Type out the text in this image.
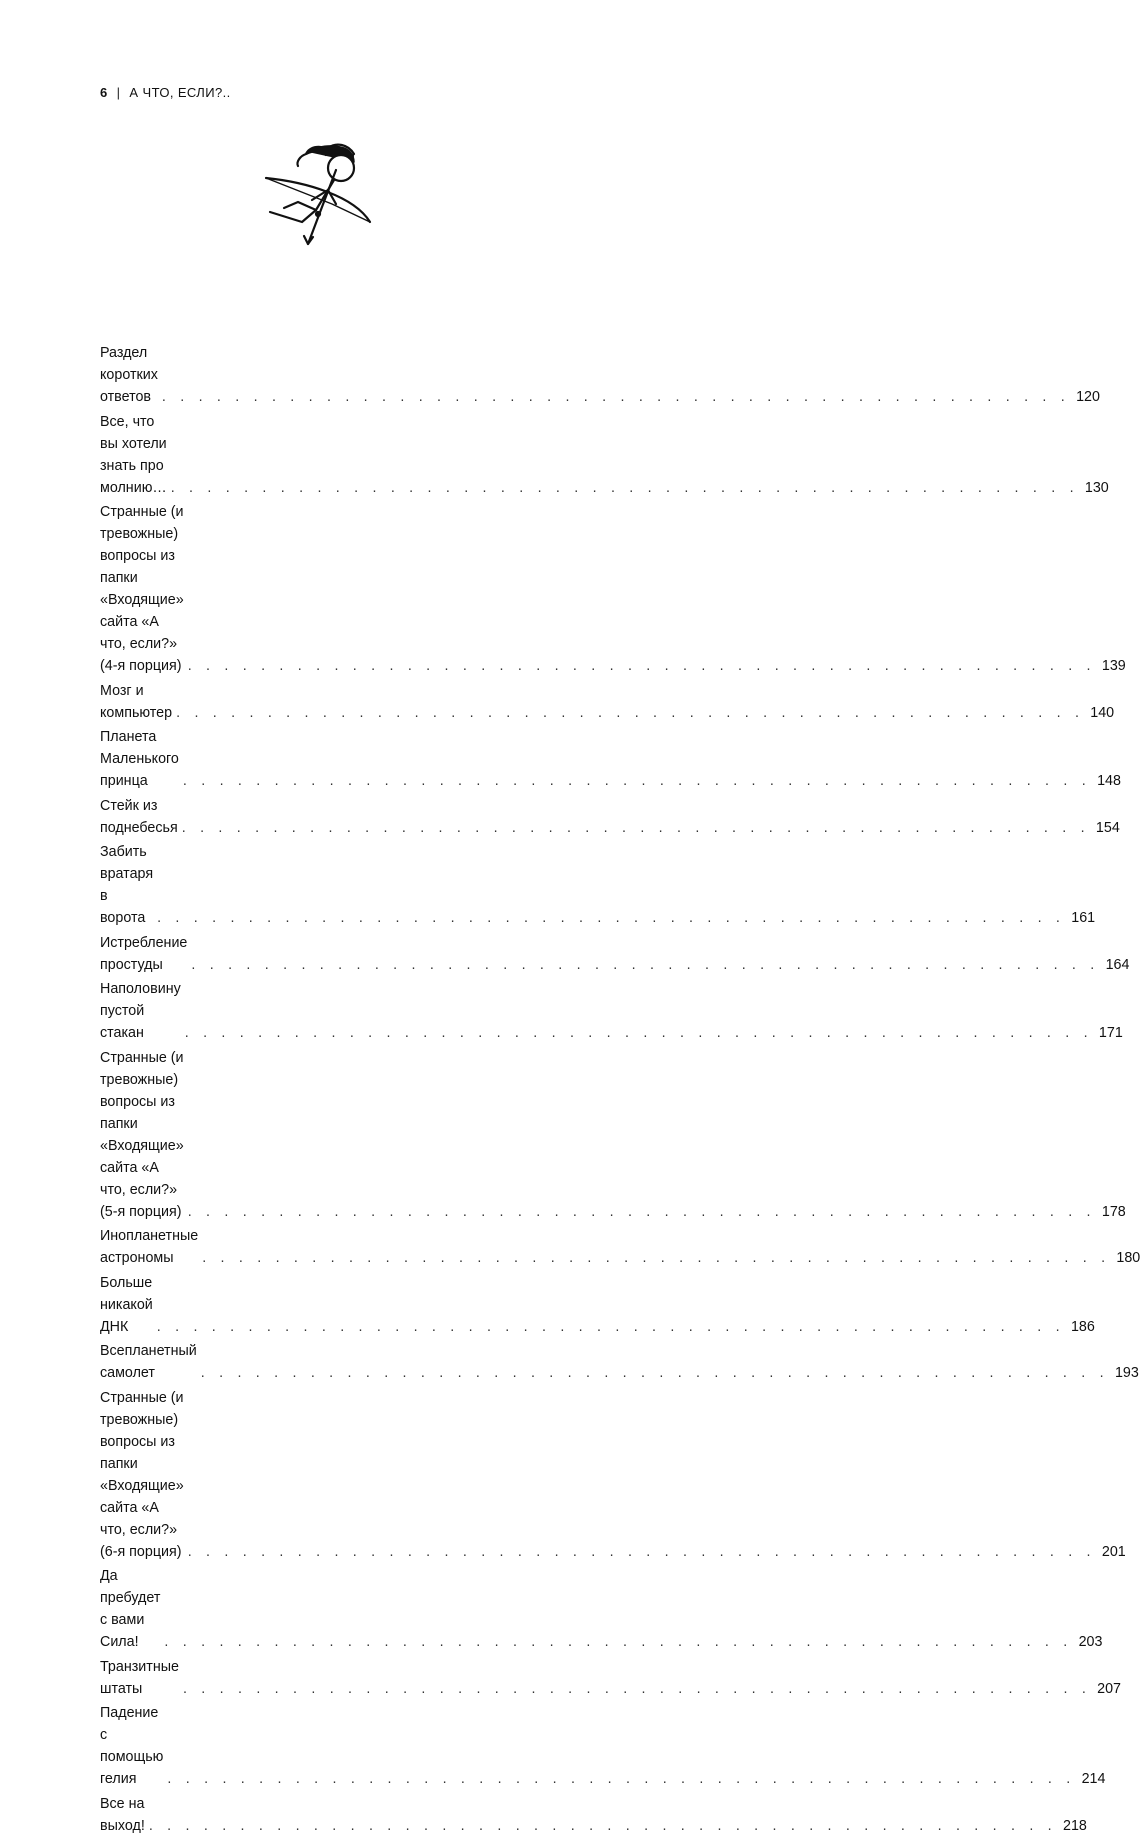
6 | А ЧТО, ЕСЛИ?..
Раздел коротких ответов . . . . . . . . . . . . . . . . . . . . . . . . . . . . . . . . . . . . . . . . . . . . . . . . . . 120
Все, что вы хотели знать про молнию… . . . . . . . . . . . . . . . . . . . . . . . . . . . . . . . . . . . . . . . . . . . . . . . . . . 130
Странные (и тревожные) вопросы из папки
«Входящие» сайта «А что, если?» (4-я порция) . . . . . . . . . . . . . . . . . . . . . . . . . . . . . . . . . . . . . . . . . . . . . . . . . . 139
Мозг и компьютер . . . . . . . . . . . . . . . . . . . . . . . . . . . . . . . . . . . . . . . . . . . . . . . . . . 140
Планета Маленького принца	. . . . . . . . . . . . . . . . . . . . . . . . . . . . . . . . . . . . . . . . . . . . . . . . . . 148
Стейк из поднебесья . . . . . . . . . . . . . . . . . . . . . . . . . . . . . . . . . . . . . . . . . . . . . . . . . . 154
Забить вратаря в ворота . . . . . . . . . . . . . . . . . . . . . . . . . . . . . . . . . . . . . . . . . . . . . . . . . . 161
Истребление простуды	. . . . . . . . . . . . . . . . . . . . . . . . . . . . . . . . . . . . . . . . . . . . . . . . . . 164
Наполовину пустой стакан	. . . . . . . . . . . . . . . . . . . . . . . . . . . . . . . . . . . . . . . . . . . . . . . . . . 171
Странные (и тревожные) вопросы из папки
«Входящие» сайта «А что, если?» (5-я порция) . . . . . . . . . . . . . . . . . . . . . . . . . . . . . . . . . . . . . . . . . . . . . . . . . . 178
Инопланетные астрономы	. . . . . . . . . . . . . . . . . . . . . . . . . . . . . . . . . . . . . . . . . . . . . . . . . . 180
Больше никакой ДНК	. . . . . . . . . . . . . . . . . . . . . . . . . . . . . . . . . . . . . . . . . . . . . . . . . . 186
Всепланетный самолет	. . . . . . . . . . . . . . . . . . . . . . . . . . . . . . . . . . . . . . . . . . . . . . . . . . 193
Странные (и тревожные) вопросы из папки
«Входящие» сайта «А что, если?» (6-я порция) . . . . . . . . . . . . . . . . . . . . . . . . . . . . . . . . . . . . . . . . . . . . . . . . . . 201
Да пребудет с вами Сила!	. . . . . . . . . . . . . . . . . . . . . . . . . . . . . . . . . . . . . . . . . . . . . . . . . . 203
Транзитные штаты	. . . . . . . . . . . . . . . . . . . . . . . . . . . . . . . . . . . . . . . . . . . . . . . . . . 207
Падение с помощью гелия	. . . . . . . . . . . . . . . . . . . . . . . . . . . . . . . . . . . . . . . . . . . . . . . . . . 214
Все на выход! . . . . . . . . . . . . . . . . . . . . . . . . . . . . . . . . . . . . . . . . . . . . . . . . . . 218
